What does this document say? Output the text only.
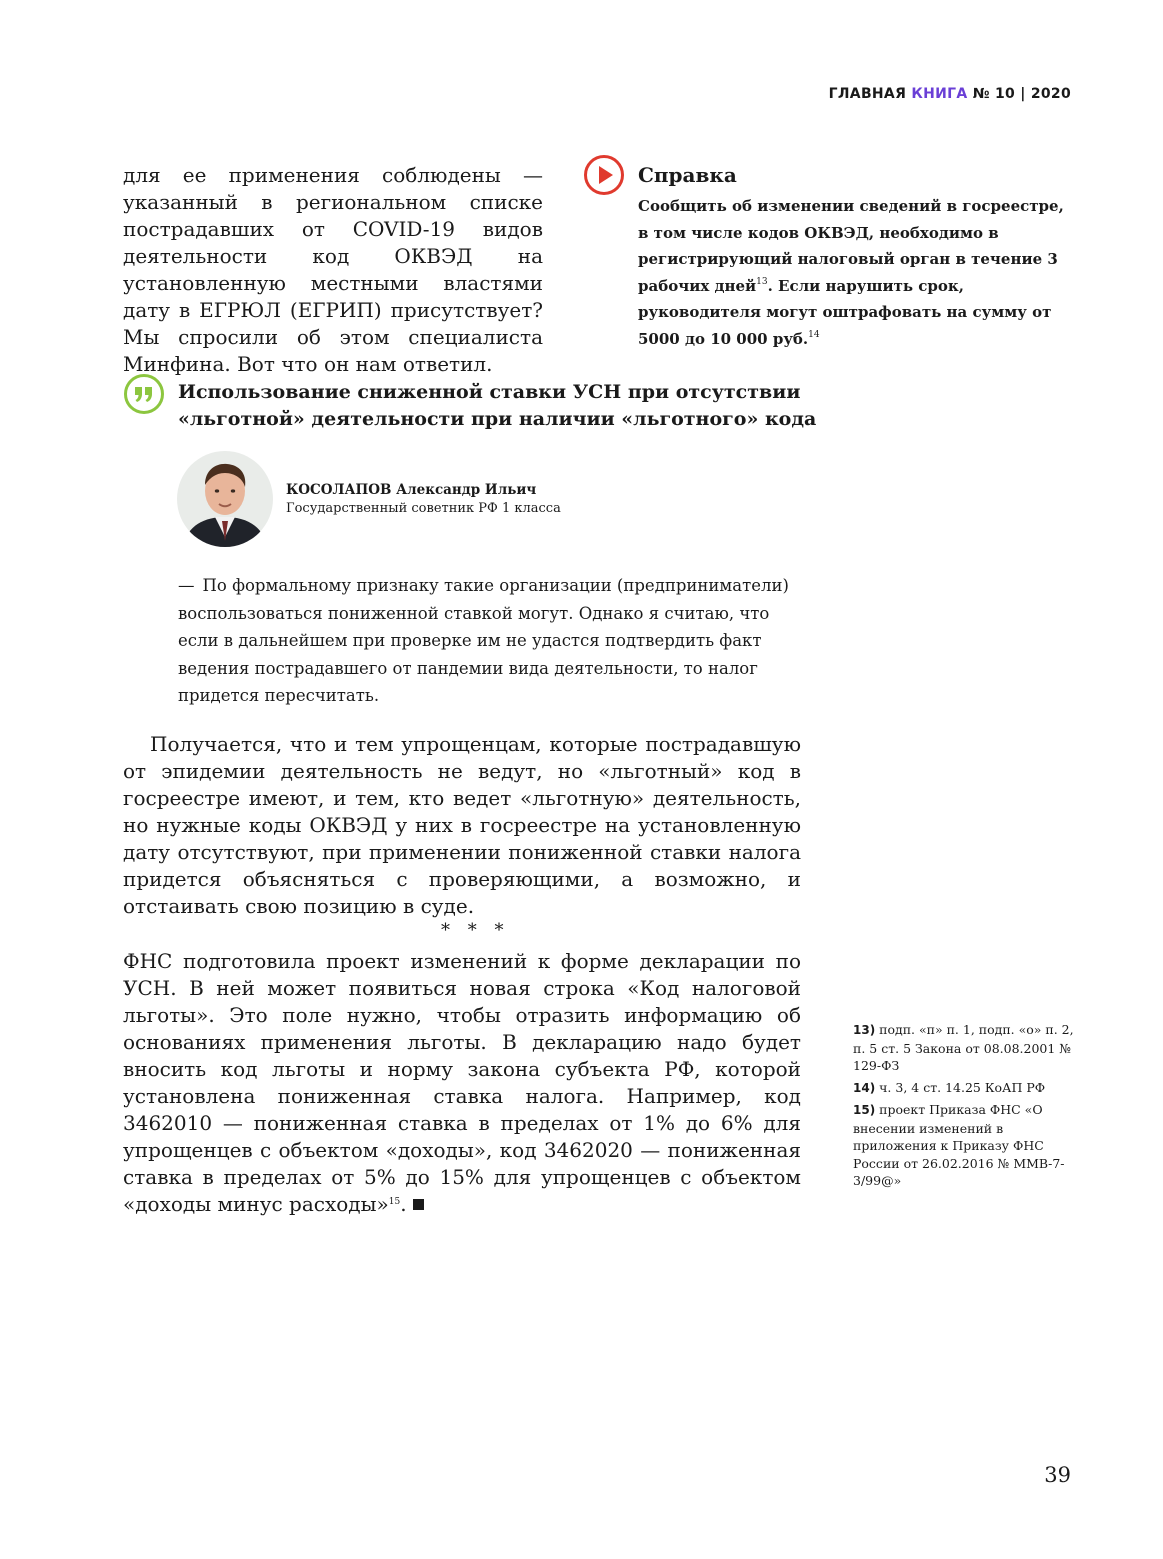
ГЛАВНАЯ КНИГА № 10 | 2020
для ее применения соблюдены — указанный в региональном списке пострадавших от COVID-19 видов деятельности код ОКВЭД на установленную местными властями дату в ЕГРЮЛ (ЕГРИП) присутствует? Мы спросили об этом специалиста Минфина. Вот что он нам ответил.
Справка
Сообщить об изменении сведений в госреестре, в том числе кодов ОКВЭД, необходимо в регистрирующий налоговый орган в течение 3 рабочих дней$^{13}$. Если нарушить срок, руководителя могут оштрафовать на сумму от 5000 до 10 000 руб.$^{14}$
Использование сниженной ставки УСН при отсутствии «льготной» деятельности при наличии «льготного» кода
КОСОЛАПОВ Александр Ильич
Государственный советник РФ 1 класса

— По формальному признаку такие организации (предприниматели) воспользоваться пониженной ставкой могут. Однако я считаю, что если в дальнейшем при проверке им не удастся подтвердить факт ведения пострадавшего от пандемии вида деятельности, то налог придется пересчитать.

Получается, что и тем упрощенцам, которые пострадавшую от эпидемии деятельность не ведут, но «льготный» код в госреестре имеют, и тем, кто ведет «льготную» деятельность, но нужные коды ОКВЭД у них в госреестре на установленную дату отсутствуют, при применении пониженной ставки налога придется объясняться с проверяющими, а возможно, и отстаивать свою позицию в суде.

* * *

ФНС подготовила проект изменений к форме декларации по УСН. В ней может появиться новая строка «Код налоговой льготы». Это поле нужно, чтобы отразить информацию об основаниях применения льготы. В декларацию надо будет вносить код льготы и норму закона субъекта РФ, которой установлена пониженная ставка налога. Например, код 3462010 — пониженная ставка в пределах от 1% до 6% для упрощенцев с объектом «доходы», код 3462020 — пониженная ставка в пределах от 5% до 15% для упрощенцев с объектом «доходы минус расходы»$^{15}$.

13) подп. «п» п. 1, подп. «о» п. 2, п. 5 ст. 5 Закона от 08.08.2001 № 129-ФЗ
14) ч. 3, 4 ст. 14.25 КоАП РФ
15) проект Приказа ФНС «О внесении изменений в приложения к Приказу ФНС России от 26.02.2016 № ММВ-7-3/99@»
39
